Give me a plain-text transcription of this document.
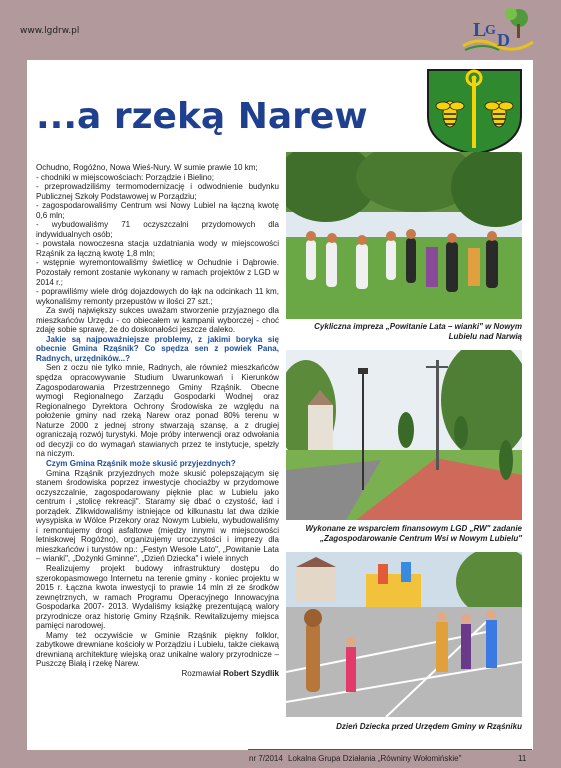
www.lgdrw.pl	L
G D
...a rzeką Narew

Ochudno, Rogóźno, Nowa Wieś-Nury. W sumie prawie 10 km;

- chodniki w miejscowościach: Porządzie i Bielino;

- przeprowadziliśmy termomodernizację i odwodnienie budynku Publicznej Szkoły Podstawowej w Porządziu;

- zagospodarowaliśmy Centrum wsi Nowy Lubiel na łączną kwotę 0,6 mln;

- wybudowaliśmy 71 oczyszczalni przydomowych dla indywidualnych osób;

- powstała nowoczesna stacja uzdatniania wody w miejscowości Rząśnik za łączną kwotę 1,8 mln;

- wstępnie wyremontowaliśmy świetlicę w Ochudnie i Dąbrowie. Pozostały remont zostanie wykonany w ramach projektów z LGD w 2014 r.;

- poprawiliśmy wiele dróg dojazdowych do łąk na odcinkach 11 km, wykonaliśmy remonty przepustów w ilości 27 szt.;

Za swój największy sukces uważam stworzenie przyjaznego dla mieszkańców Urzędu - co obiecałem w kampanii wyborczej - choć zdaję sobie sprawę, że do doskonałości jeszcze daleko.

Jakie są najpoważniejsze problemy, z jakimi boryka się obecnie Gmina Rząśnik? Co spędza sen z powiek Pana, Radnych, urzędników...?

Sen z oczu nie tylko mnie, Radnych, ale również mieszkańców spędza opracowywanie Studium Uwarunkowań i Kierunków Zagospodarowania Przestrzennego Gminy Rząśnik. Obecne wymogi Regionalnego Zarządu Gospodarki Wodnej oraz Regionalnego Dyrektora Ochrony Środowiska ze względu na położenie gminy nad rzeką Narew oraz ponad 80% terenu w Naturze 2000 z jednej strony stwarzają szansę, a z drugiej ograniczają rozwój turystyki. Moje próby interwencji oraz odwołania od decyzji co do wymagań stawianych przez te instytucje, spełzły na niczym.

Czym Gmina Rząśnik może skusić przyjezdnych?

Gmina Rząśnik przyjezdnych może skusić polepszającym się stanem środowiska poprzez inwestycje chociażby w przydomowe oczyszczalnie, zagospodarowany pięknie plac w Lubielu jako centrum i „stolicę rekreacji". Staramy się dbać o czystość, ład i porządek. Zlikwidowaliśmy istniejące od kilkunastu lat dwa dzikie wysypiska w Wólce Przekory oraz Nowym Lubielu, wybudowaliśmy i remontujemy drogi asfaltowe (między innymi w miejscowości letniskowej Rogóźno), organizujemy uroczystości i imprezy dla mieszkańców i turystów np.: „Festyn Wesołe Lato", „Powitanie Lata – wianki", „Dożynki Gminne", „Dzień Dziecka" i wiele innych

Realizujemy projekt budowy infrastruktury dostępu do szerokopasmowego Internetu na terenie gminy - koniec projektu w 2015 r. Łączna kwota inwestycji to prawie 14 mln zł ze środków zewnętrznych, w ramach Programu Operacyjnego Innowacyjna Gospodarka 2007- 2013. Wydaliśmy książkę prezentującą walory przyrodnicze oraz historię Gminy Rząśnik. Rewitalizujemy miejsca pamięci narodowej.

Mamy też oczywiście w Gminie Rząśnik piękny folklor, zabytkowe drewniane kościoły w Porządziu i Lubielu, także ciekawą drewnianą architekturę wiejską oraz unikalne walory przyrodnicze – Puszczę Białą i rzekę Narew.

Rozmawiał Robert Szydlik

Cykliczna impreza „Powitanie Lata – wianki" w Nowym Lubielu nad Narwią
Wykonane ze wsparciem finansowym LGD „RW" zadanie „Zagospodarowanie Centrum Wsi w Nowym Lubielu"
Dzień Dziecka przed Urzędem Gminy w Rząśniku
nr 7/2014 Lokalna Grupa Działania „Równiny Wołomińskie"	11
